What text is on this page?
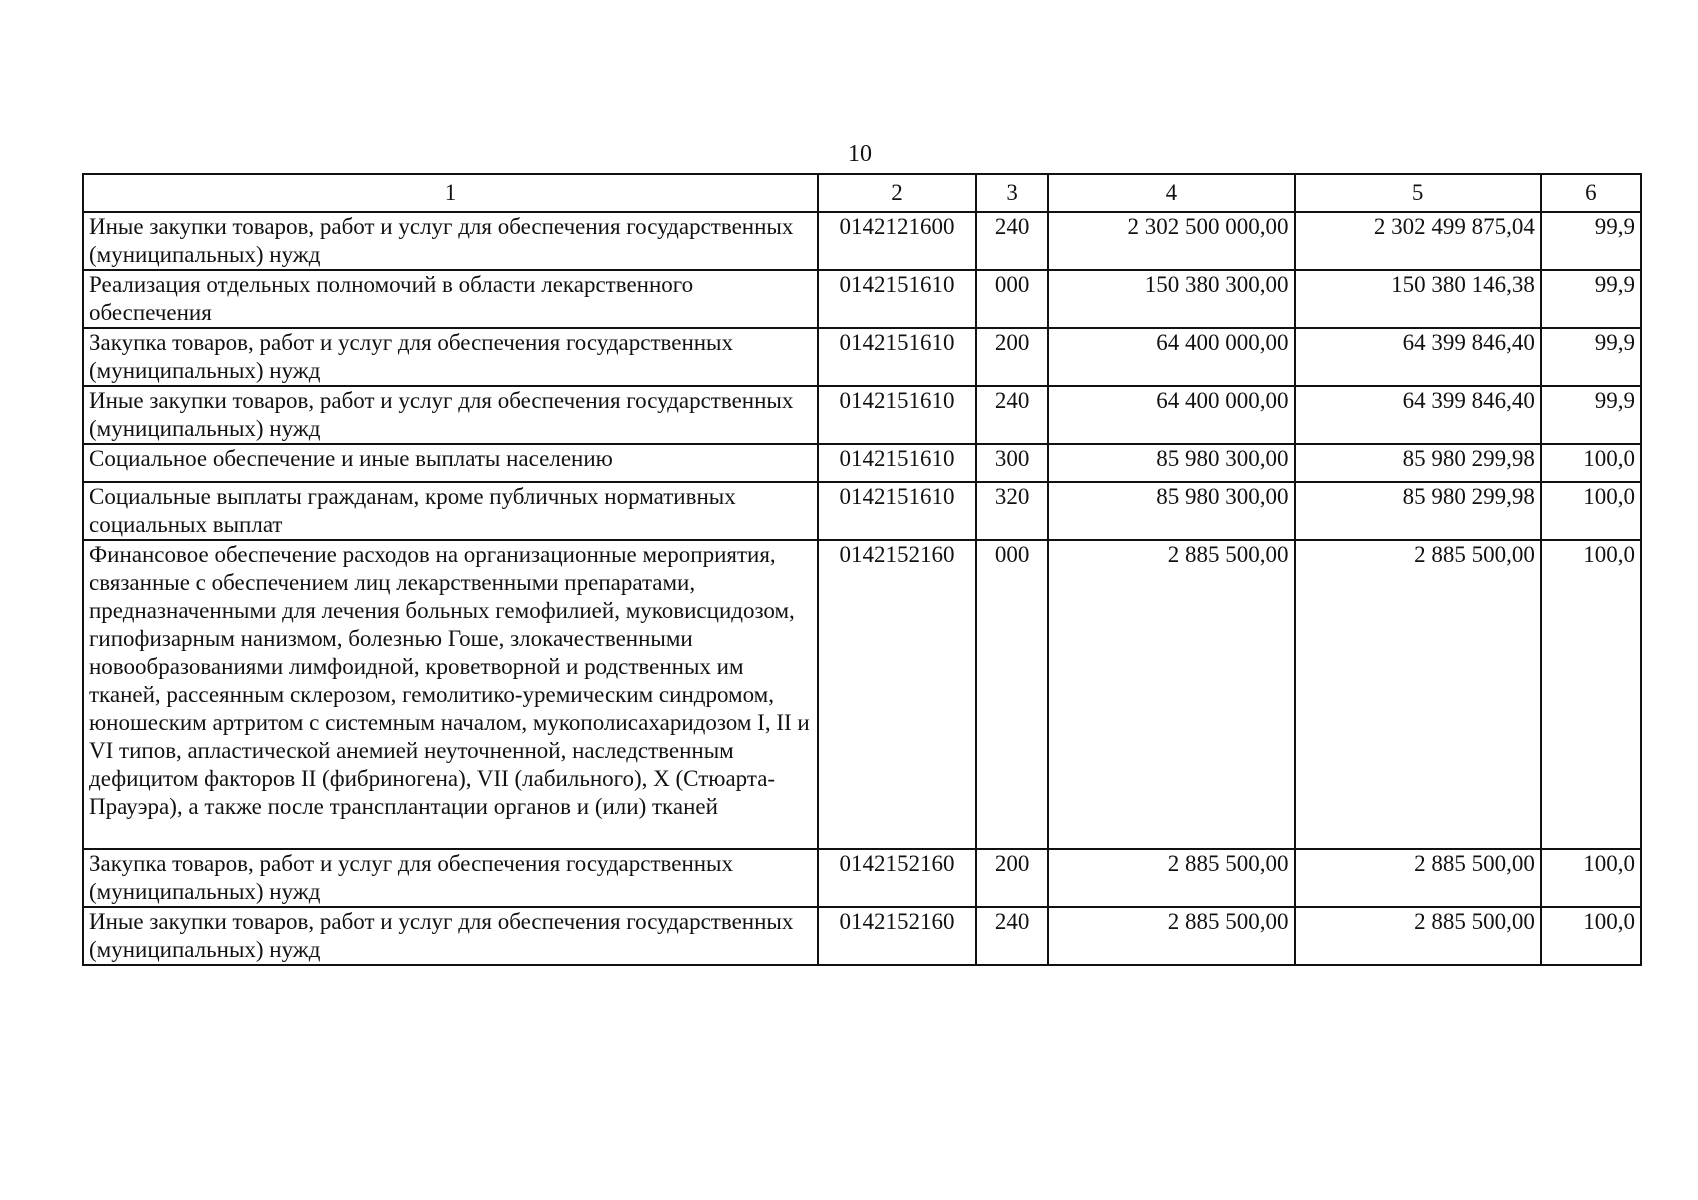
10
1	2	3	4	5	6
Иные закупки товаров, работ и услуг для обеспечения государственных (муниципальных) нужд	0142121600	240	2 302 500 000,00	2 302 499 875,04	99,9
Реализация отдельных полномочий в области лекарственного обеспечения	0142151610	000	150 380 300,00	150 380 146,38	99,9
Закупка товаров, работ и услуг для обеспечения государственных (муниципальных) нужд	0142151610	200	64 400 000,00	64 399 846,40	99,9
Иные закупки товаров, работ и услуг для обеспечения государственных (муниципальных) нужд	0142151610	240	64 400 000,00	64 399 846,40	99,9
Социальное обеспечение и иные выплаты населению	0142151610	300	85 980 300,00	85 980 299,98	100,0
Социальные выплаты гражданам, кроме публичных нормативных социальных выплат	0142151610	320	85 980 300,00	85 980 299,98	100,0
Финансовое обеспечение расходов на организационные мероприятия, связанные с обеспечением лиц лекарственными препаратами, предназначенными для лечения больных гемофилией, муковисцидозом, гипофизарным нанизмом, болезнью Гоше, злокачественными новообразованиями лимфоидной, кроветворной и родственных им тканей, рассеянным склерозом, гемолитико-уремическим синдромом, юношеским артритом с системным началом, мукополисахаридозом I, II и VI типов, апластической анемией неуточненной, наследственным дефицитом факторов II (фибриногена), VII (лабильного), X (Стюарта-Прауэра), а также после трансплантации органов и (или) тканей	0142152160	000	2 885 500,00	2 885 500,00	100,0
Закупка товаров, работ и услуг для обеспечения государственных (муниципальных) нужд	0142152160	200	2 885 500,00	2 885 500,00	100,0
Иные закупки товаров, работ и услуг для обеспечения государственных (муниципальных) нужд	0142152160	240	2 885 500,00	2 885 500,00	100,0
